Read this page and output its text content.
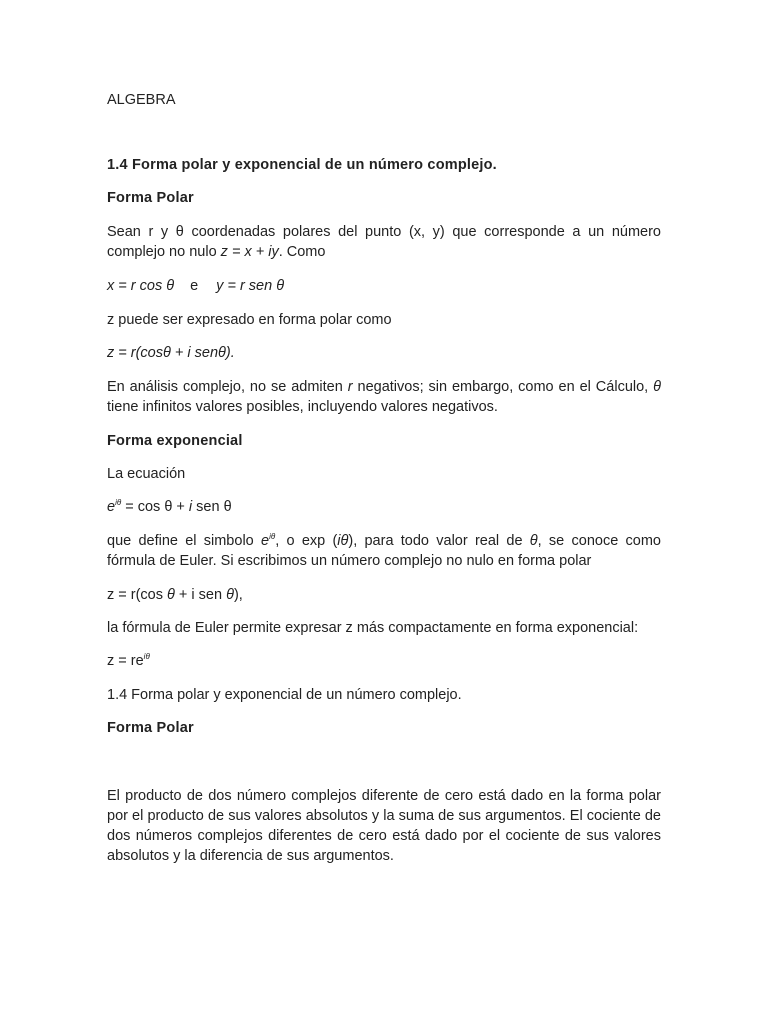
ALGEBRA
1.4 Forma polar y exponencial de un número complejo.
Forma Polar
Sean r y θ coordenadas polares del punto (x, y) que corresponde a un número complejo no nulo z = x + iy. Como
x = r cos θ e y = r sen θ
z puede ser expresado en forma polar como
z = r(cosθ + i senθ).
En análisis complejo, no se admiten r negativos; sin embargo, como en el Cálculo, θ tiene infinitos valores posibles, incluyendo valores negativos.
Forma exponencial
La ecuación
$e^{i\theta} = \cos \theta + i$ sen θ
que define el simbolo $e^{i\theta}$, o exp (iθ), para todo valor real de θ, se conoce como fórmula de Euler. Si escribimos un número complejo no nulo en forma polar
z = r(cos θ + i sen θ),
la fórmula de Euler permite expresar z más compactamente en forma exponencial:
$z = re^{i\theta}$
1.4 Forma polar y exponencial de un número complejo.
Forma Polar
El producto de dos número complejos diferente de cero está dado en la forma polar por el producto de sus valores absolutos y la suma de sus argumentos. El cociente de dos números complejos diferentes de cero está dado por el cociente de sus valores absolutos y la diferencia de sus argumentos.
